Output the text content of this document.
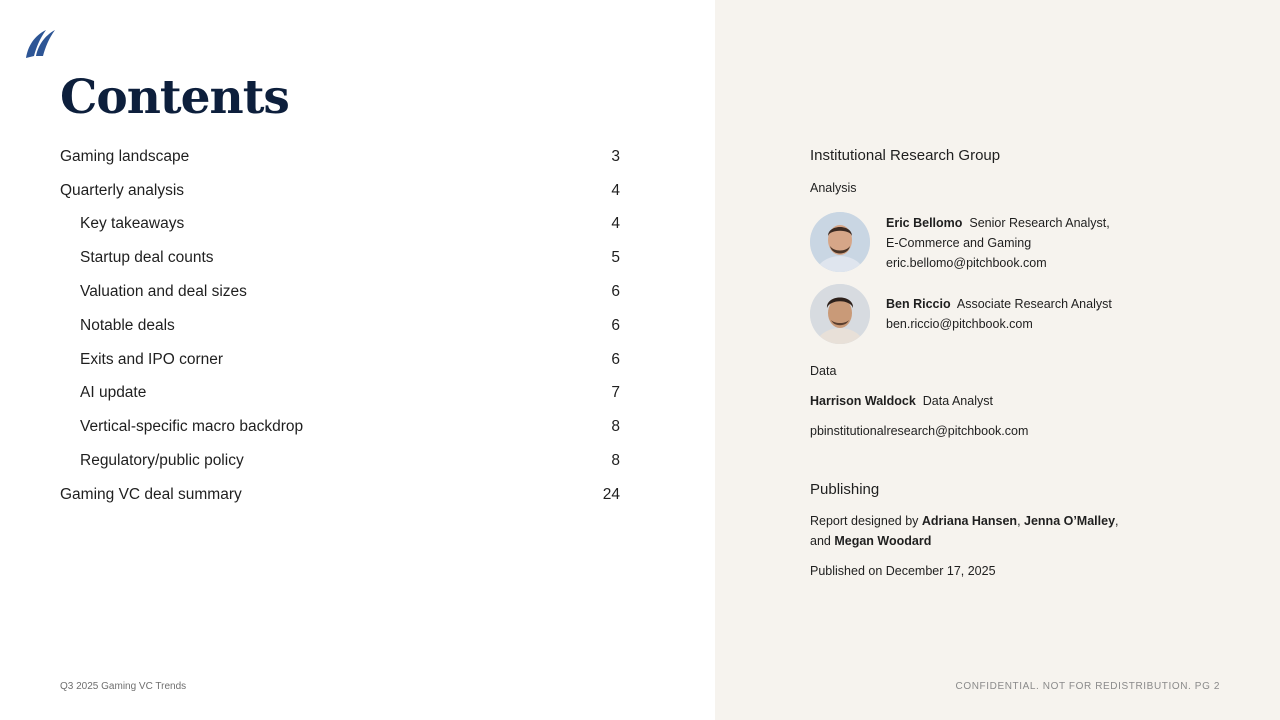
Contents
Gaming landscape	3
Quarterly analysis	4
Key takeaways	4
Startup deal counts	5
Valuation and deal sizes	6
Notable deals	6
Exits and IPO corner	6
AI update	7
Vertical-specific macro backdrop	8
Regulatory/public policy	8
Gaming VC deal summary	24
Q3 2025 Gaming VC Trends
Institutional Research Group
Analysis
Eric Bellomo Senior Research Analyst,
E-Commerce and Gaming
eric.bellomo@pitchbook.com
Ben Riccio Associate Research Analyst
ben.riccio@pitchbook.com
Data
Harrison Waldock Data Analyst
pbinstitutionalresearch@pitchbook.com
Publishing
Report designed by Adriana Hansen, Jenna O’Malley,
and Megan Woodard
Published on December 17, 2025
CONFIDENTIAL. NOT FOR REDISTRIBUTION. PG 2
